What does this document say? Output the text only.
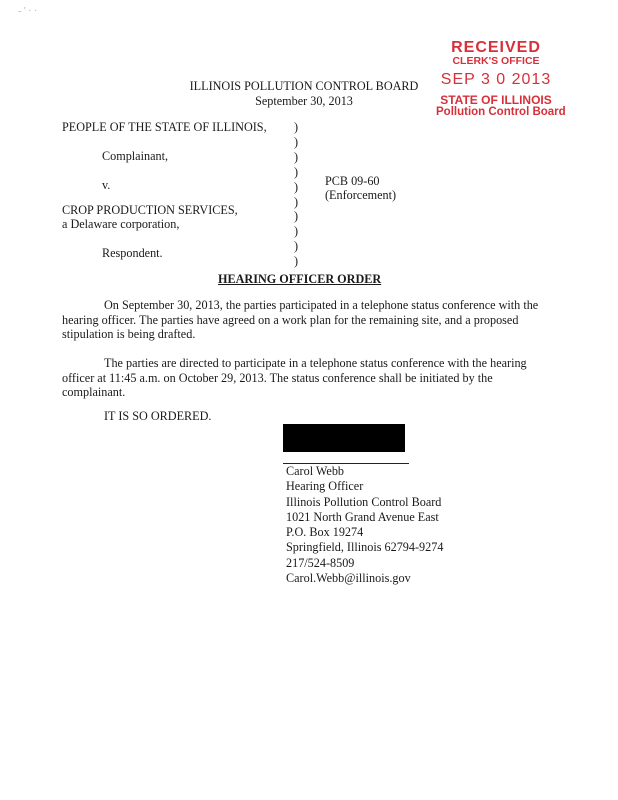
‐ ' · ·
RECEIVED
CLERK'S OFFICE
SEP 3 0 2013
STATE OF ILLINOIS
Pollution Control Board
ILLINOIS POLLUTION CONTROL BOARD
September 30, 2013
PEOPLE OF THE STATE OF ILLINOIS,
Complainant,
v.
CROP PRODUCTION SERVICES,
a Delaware corporation,
Respondent.
)
)
)
)
)
)
)
)
)
)
PCB 09-60
(Enforcement)
HEARING OFFICER ORDER
On September 30, 2013, the parties participated in a telephone status conference with the hearing officer. The parties have agreed on a work plan for the remaining site, and a proposed stipulation is being drafted.
The parties are directed to participate in a telephone status conference with the hearing officer at 11:45 a.m. on October 29, 2013. The status conference shall be initiated by the complainant.
IT IS SO ORDERED.
Carol Webb
Hearing Officer
Illinois Pollution Control Board
1021 North Grand Avenue East
P.O. Box 19274
Springfield, Illinois 62794-9274
217/524-8509
Carol.Webb@illinois.gov
